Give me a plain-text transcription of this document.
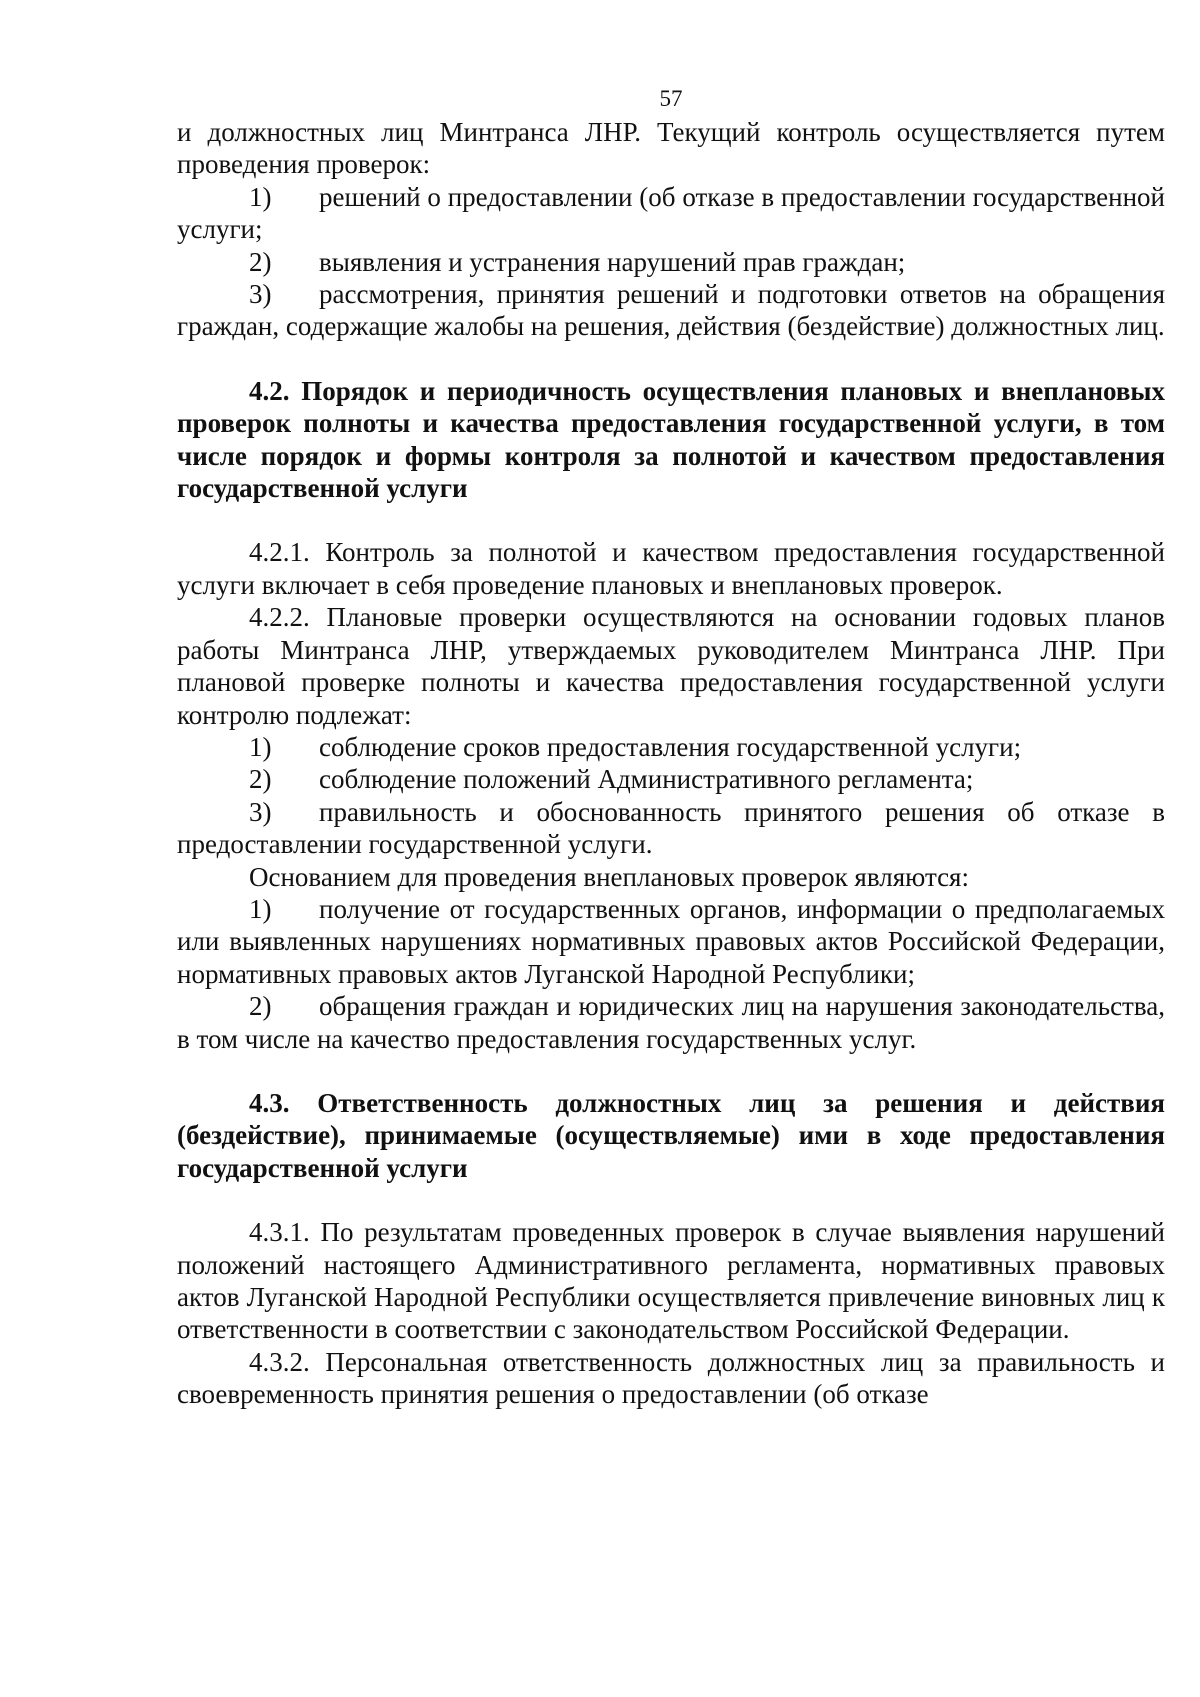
57

и должностных лиц Минтранса ЛНР. Текущий контроль осуществляется путем проведения проверок:

1) решений о предоставлении (об отказе в предоставлении государственной услуги;

2) выявления и устранения нарушений прав граждан;

3) рассмотрения, принятия решений и подготовки ответов на обращения граждан, содержащие жалобы на решения, действия (бездействие) должностных лиц.

4.2. Порядок и периодичность осуществления плановых и внеплановых проверок полноты и качества предоставления государственной услуги, в том числе порядок и формы контроля за полнотой и качеством предоставления государственной услуги

4.2.1. Контроль за полнотой и качеством предоставления государственной услуги включает в себя проведение плановых и внеплановых проверок.

4.2.2. Плановые проверки осуществляются на основании годовых планов работы Минтранса ЛНР, утверждаемых руководителем Минтранса ЛНР. При плановой проверке полноты и качества предоставления государственной услуги контролю подлежат:

1) соблюдение сроков предоставления государственной услуги;

2) соблюдение положений Административного регламента;

3) правильность и обоснованность принятого решения об отказе в предоставлении государственной услуги.

Основанием для проведения внеплановых проверок являются:

1) получение от государственных органов, информации о предполагаемых или выявленных нарушениях нормативных правовых актов Российской Федерации, нормативных правовых актов Луганской Народной Республики;

2) обращения граждан и юридических лиц на нарушения законодательства, в том числе на качество предоставления государственных услуг.

4.3. Ответственность должностных лиц за решения и действия (бездействие), принимаемые (осуществляемые) ими в ходе предоставления государственной услуги

4.3.1. По результатам проведенных проверок в случае выявления нарушений положений настоящего Административного регламента, нормативных правовых актов Луганской Народной Республики осуществляется привлечение виновных лиц к ответственности в соответствии с законодательством Российской Федерации.

4.3.2. Персональная ответственность должностных лиц за правильность и своевременность принятия решения о предоставлении (об отказе
